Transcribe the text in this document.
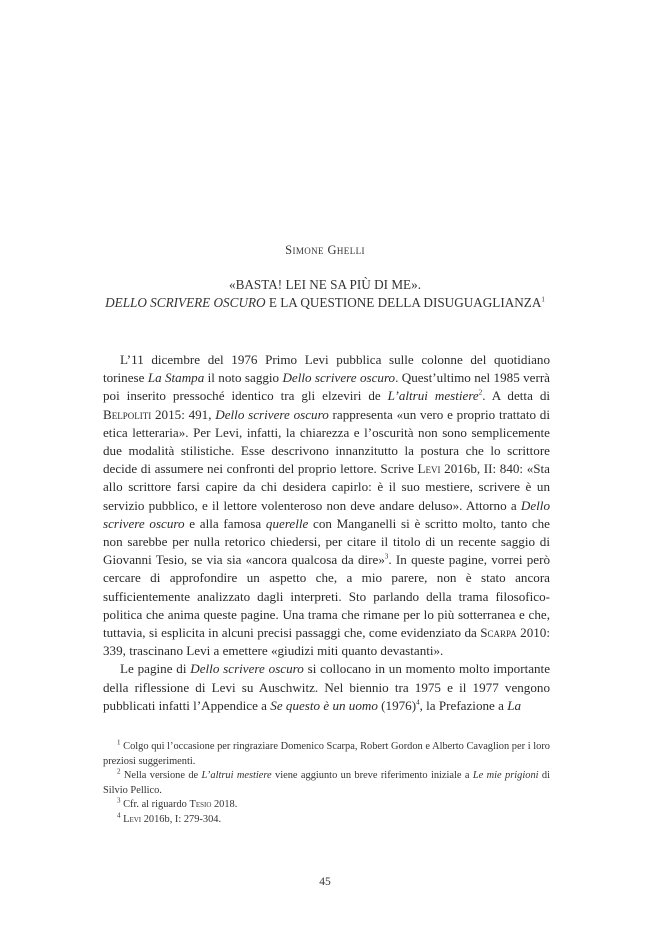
Simone Ghelli
«BASTA! LEI NE SA PIÙ DI ME».
DELLO SCRIVERE OSCURO E LA QUESTIONE DELLA DISUGUAGLIANZA$^1$

L’11 dicembre del 1976 Primo Levi pubblica sulle colonne del quotidiano torinese La Stampa il noto saggio Dello scrivere oscuro. Quest’ultimo nel 1985 verrà poi inserito pressoché identico tra gli elzeviri de L’altrui mestiere$^2$. A detta di Belpoliti 2015: 491, Dello scrivere oscuro rappresenta «un vero e proprio trattato di etica letteraria». Per Levi, infatti, la chiarezza e l’oscurità non sono semplicemente due modalità stilistiche. Esse descrivono innanzitutto la postura che lo scrittore decide di assumere nei confronti del proprio lettore. Scrive Levi 2016b, II: 840: «Sta allo scrittore farsi capire da chi desidera capirlo: è il suo mestiere, scrivere è un servizio pubblico, e il lettore volenteroso non deve andare deluso». Attorno a Dello scrivere oscuro e alla famosa querelle con Manganelli si è scritto molto, tanto che non sarebbe per nulla retorico chiedersi, per citare il titolo di un recente saggio di Giovanni Tesio, se via sia «ancora qualcosa da dire»$^3$. In queste pagine, vorrei però cercare di approfondire un aspetto che, a mio parere, non è stato ancora sufficientemente analizzato dagli interpreti. Sto parlando della trama filosofico-politica che anima queste pagine. Una trama che rimane per lo più sotterranea e che, tuttavia, si esplicita in alcuni precisi passaggi che, come evidenziato da Scarpa 2010: 339, trascinano Levi a emettere «giudizi miti quanto devastanti».

Le pagine di Dello scrivere oscuro si collocano in un momento molto importante della riflessione di Levi su Auschwitz. Nel biennio tra 1975 e il 1977 vengono pubblicati infatti l’Appendice a Se questo è un uomo $(1976)^4$, la Prefazione a La

$^1$ Colgo qui l’occasione per ringraziare Domenico Scarpa, Robert Gordon e Alberto Cavaglion per i loro preziosi suggerimenti.

$^2$ Nella versione de L’altrui mestiere viene aggiunto un breve riferimento iniziale a Le mie prigioni di Silvio Pellico.

$^3$ Cfr. al riguardo Tesio 2018.

$^4$ Levi 2016b, I: 279-304.

45
